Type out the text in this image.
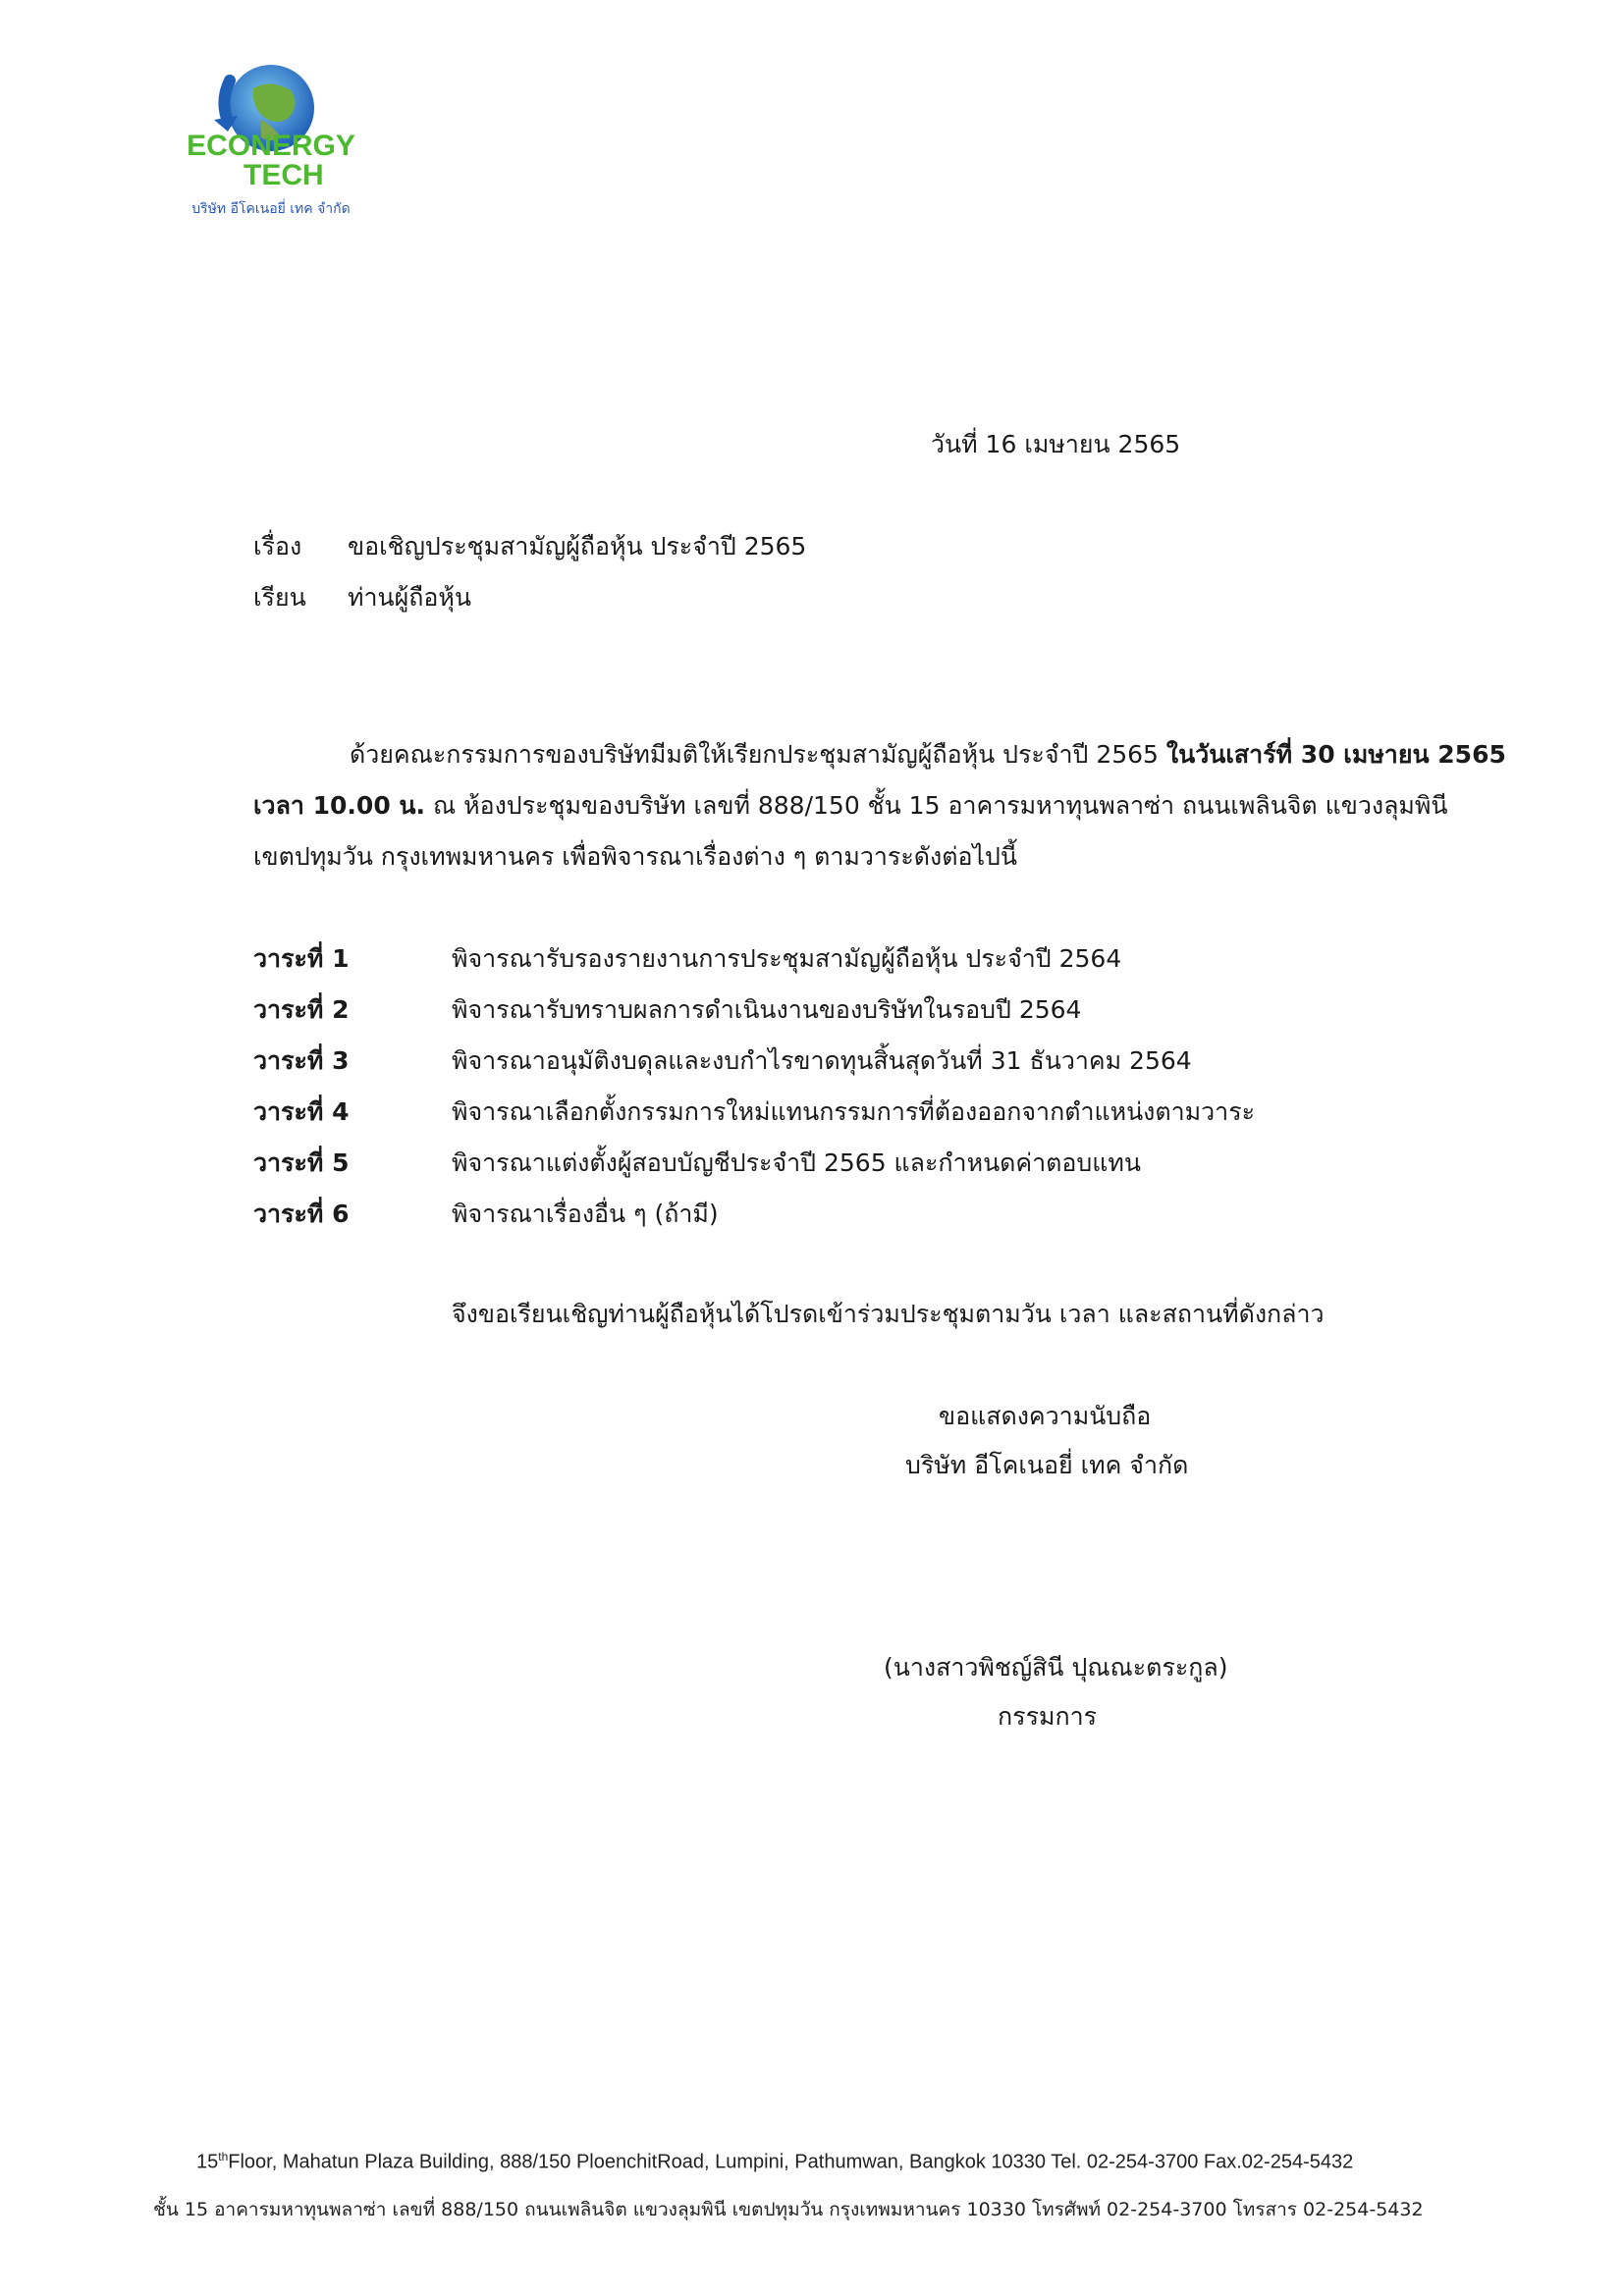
ECONERGY
TECH
บริษัท อีโคเนอยี่ เทค จำกัด
วันที่ 16 เมษายน 2565
เรื่อง ขอเชิญประชุมสามัญผู้ถือหุ้น ประจำปี 2565
เรียน ท่านผู้ถือหุ้น
ด้วยคณะกรรมการของบริษัทมีมติให้เรียกประชุมสามัญผู้ถือหุ้น ประจำปี 2565 ในวันเสาร์ที่ 30 เมษายน 2565
เวลา 10.00 น. ณ ห้องประชุมของบริษัท เลขที่ 888/150 ชั้น 15 อาคารมหาทุนพลาซ่า ถนนเพลินจิต แขวงลุมพินี
เขตปทุมวัน กรุงเทพมหานคร เพื่อพิจารณาเรื่องต่าง ๆ ตามวาระดังต่อไปนี้
วาระที่ 1	พิจารณารับรองรายงานการประชุมสามัญผู้ถือหุ้น ประจำปี 2564
วาระที่ 2	พิจารณารับทราบผลการดำเนินงานของบริษัทในรอบปี 2564
วาระที่ 3	พิจารณาอนุมัติงบดุลและงบกำไรขาดทุนสิ้นสุดวันที่ 31 ธันวาคม 2564
วาระที่ 4	พิจารณาเลือกตั้งกรรมการใหม่แทนกรรมการที่ต้องออกจากตำแหน่งตามวาระ
วาระที่ 5	พิจารณาแต่งตั้งผู้สอบบัญชีประจำปี 2565 และกำหนดค่าตอบแทน
วาระที่ 6	พิจารณาเรื่องอื่น ๆ (ถ้ามี)
จึงขอเรียนเชิญท่านผู้ถือหุ้นได้โปรดเข้าร่วมประชุมตามวัน เวลา และสถานที่ดังกล่าว
ขอแสดงความนับถือ
บริษัท อีโคเนอยี่ เทค จำกัด
(นางสาวพิชญ์สินี ปุณณะตระกูล)
กรรมการ
15thFloor, Mahatun Plaza Building, 888/150 PloenchitRoad, Lumpini, Pathumwan, Bangkok 10330 Tel. 02-254-3700 Fax.02-254-5432
ชั้น 15 อาคารมหาทุนพลาซ่า เลขที่ 888/150 ถนนเพลินจิต แขวงลุมพินี เขตปทุมวัน กรุงเทพมหานคร 10330 โทรศัพท์ 02-254-3700 โทรสาร 02-254-5432
